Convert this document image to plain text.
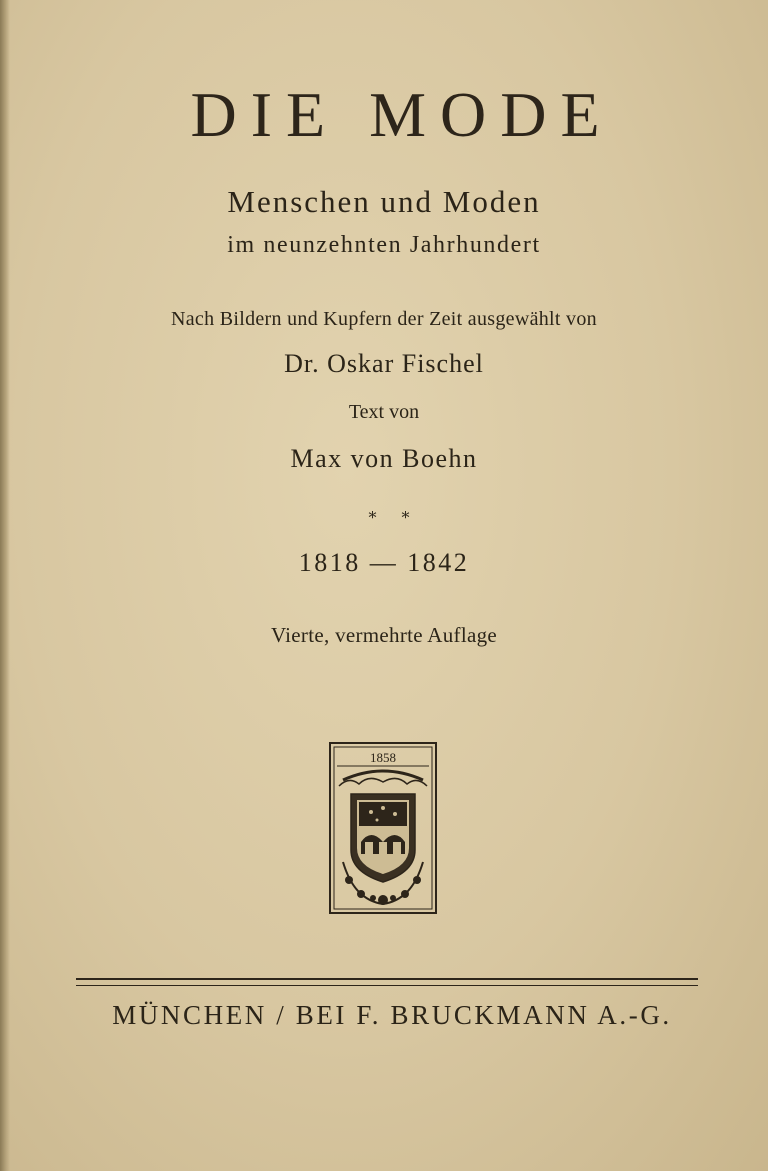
DIE MODE
Menschen und Moden
im neunzehnten Jahrhundert
Nach Bildern und Kupfern der Zeit ausgewählt von
Dr. Oskar Fischel
Text von
Max von Boehn
* *
1818 — 1842
Vierte, vermehrte Auflage
1858
MÜNCHEN / BEI F. BRUCKMANN A.-G.
